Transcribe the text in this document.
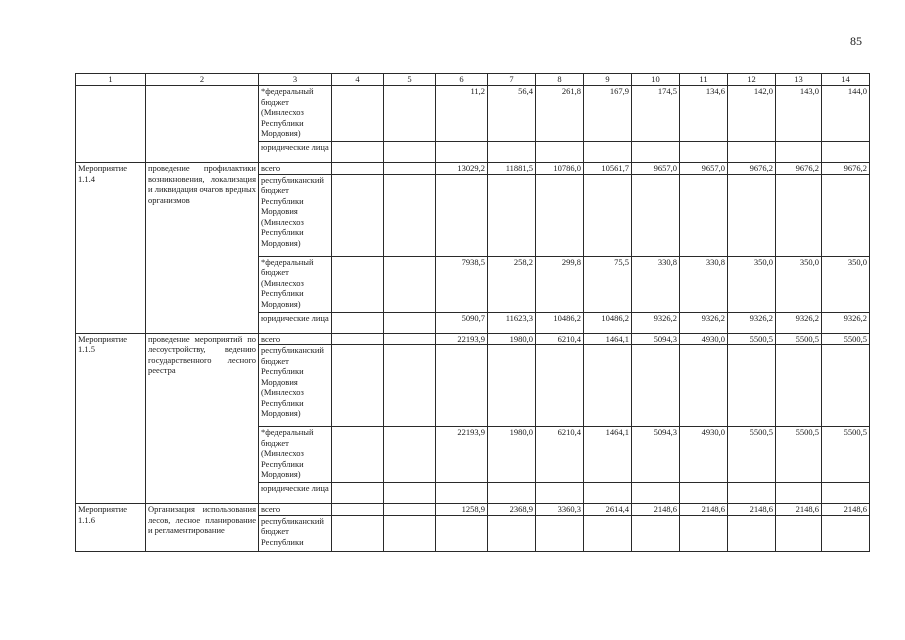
85
1	2	3	4	5	6	7	8	9	10	11	12	13	14
		*федеральный бюджет (Минлесхоз Республики Мордовия)			11,2	56,4	261,8	167,9	174,5	134,6	142,0	143,0	144,0
		юридические лица											
Мероприятие 1.1.4	проведение профилактики возникновения, локализация и ликвидация очагов вредных организмов	всего			13029,2	11881,5	10786,0	10561,7	9657,0	9657,0	9676,2	9676,2	9676,2
		республиканский бюджет Республики Мордовия (Минлесхоз Республики Мордовия)											
		*федеральный бюджет (Минлесхоз Республики Мордовия)			7938,5	258,2	299,8	75,5	330,8	330,8	350,0	350,0	350,0
		юридические лица			5090,7	11623,3	10486,2	10486,2	9326,2	9326,2	9326,2	9326,2	9326,2
Мероприятие 1.1.5	проведение мероприятий по лесоустройству, ведению государственного лесного реестра	всего			22193,9	1980,0	6210,4	1464,1	5094,3	4930,0	5500,5	5500,5	5500,5
		республиканский бюджет Республики Мордовия (Минлесхоз Республики Мордовия)											
		*федеральный бюджет (Минлесхоз Республики Мордовия)			22193,9	1980,0	6210,4	1464,1	5094,3	4930,0	5500,5	5500,5	5500,5
		юридические лица											
Мероприятие 1.1.6	Организация использования лесов, лесное планирование и регламентирование	всего			1258,9	2368,9	3360,3	2614,4	2148,6	2148,6	2148,6	2148,6	2148,6
		республиканский бюджет Республики											
